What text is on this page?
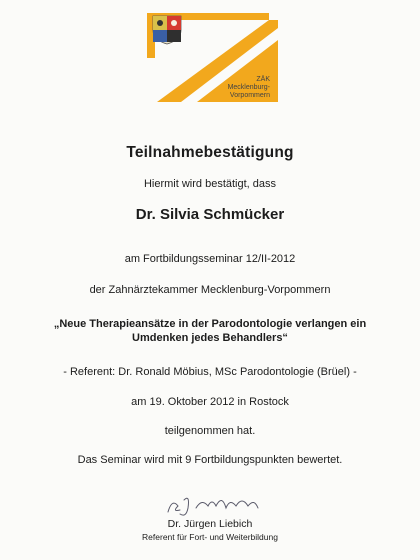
ZÄK
Mecklenburg-
Vorpommern
Teilnahmebestätigung
Hiermit wird bestätigt, dass
Dr. Silvia Schmücker
am Fortbildungsseminar 12/II-2012
der Zahnärztekammer Mecklenburg-Vorpommern
„Neue Therapieansätze in der Parodontologie verlangen ein
Umdenken jedes Behandlers“
- Referent: Dr. Ronald Möbius, MSc Parodontologie (Brüel) -
am 19. Oktober 2012 in Rostock
teilgenommen hat.
Das Seminar wird mit 9 Fortbildungspunkten bewertet.
Dr. Jürgen Liebich
Referent für Fort- und Weiterbildung
